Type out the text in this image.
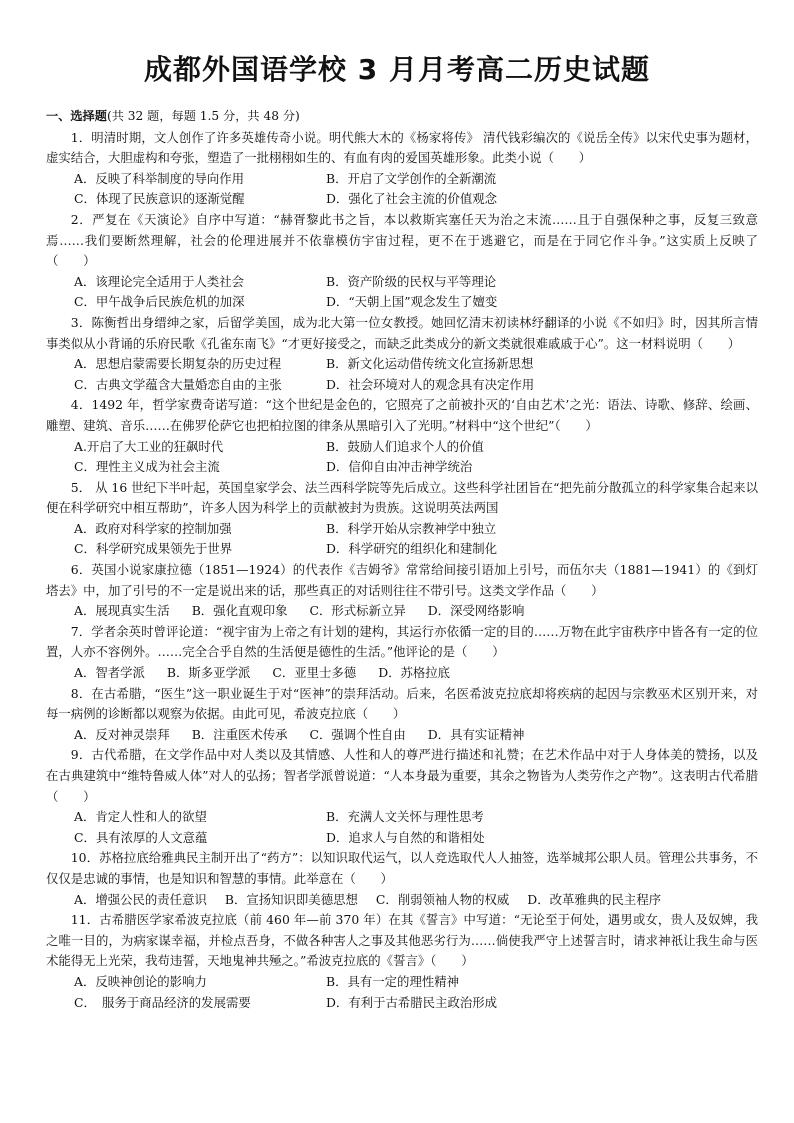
成都外国语学校 3 月月考高二历史试题
一、选择题(共 32 题，每题 1.5 分，共 48 分)

1．明清时期，文人创作了许多英雄传奇小说。明代熊大木的《杨家将传》 清代钱彩编次的《说岳全传》以宋代史事为题材，虚实结合，大胆虚构和夸张，塑造了一批栩栩如生的、有血有肉的爱国英雄形象。此类小说（　　）

A．反映了科举制度的导向作用	B．开启了文学创作的全新潮流
C．体现了民族意识的逐渐觉醒	D．强化了社会主流的价值观念

2．严复在《天演论》自序中写道：“赫胥黎此书之旨，本以救斯宾塞任天为治之末流……且于自强保种之事，反复三致意焉……我们要断然理解，社会的伦理进展并不依靠模仿宇宙过程，更不在于逃避它，而是在于同它作斗争。”这实质上反映了（　　）

A．该理论完全适用于人类社会	B．资产阶级的民权与平等理论
C．甲午战争后民族危机的加深	D．“天朝上国”观念发生了嬗变

3．陈衡哲出身缙绅之家，后留学美国，成为北大第一位女教授。她回忆清末初读林纾翻译的小说《不如归》时，因其所言情事类似从小背诵的乐府民歌《孔雀东南飞》“才更好接受之，而缺乏此类成分的新文类就很难戚戚于心”。这一材料说明（　　）

A．思想启蒙需要长期复杂的历史过程	B．新文化运动借传统文化宣扬新思想
C．古典文学蕴含大量婚恋自由的主张	D．社会环境对人的观念具有决定作用

4．1492 年，哲学家费奇诺写道：“这个世纪是金色的，它照亮了之前被扑灭的‘自由艺术’之光：语法、诗歌、修辞、绘画、雕塑、建筑、音乐……在佛罗伦萨它也把柏拉图的律条从黑暗引入了光明。”材料中“这个世纪”（　　）

A.开启了大工业的狂飙时代	B．鼓励人们追求个人的价值
C．理性主义成为社会主流	D．信仰自由冲击神学统治

5． 从 16 世纪下半叶起，英国皇家学会、法兰西科学院等先后成立。这些科学社团旨在“把先前分散孤立的科学家集合起来以便在科学研究中相互帮助”，许多人因为科学上的贡献被封为贵族。这说明英法两国

A．政府对科学家的控制加强	B．科学开始从宗教神学中独立
C．科学研究成果领先于世界	D．科学研究的组织化和建制化

6．英国小说家康拉德（1851—1924）的代表作《吉姆爷》常常给间接引语加上引号，而伍尔夫（1881—1941）的《到灯塔去》中，加了引号的不一定是说出来的话，那些真正的对话则往往不带引号。这类文学作品（　　）

A．展现真实生活 B．强化直观印象 C．形式标新立异 D．深受网络影响

7．学者余英时曾评论道：“视宇宙为上帝之有计划的建构，其运行亦依循一定的目的……万物在此宇宙秩序中皆各有一定的位置，人亦不容例外。……完全合乎自然的生活便是德性的生活。”他评论的是（　　）

A．智者学派 B．斯多亚学派 C．亚里士多德 D．苏格拉底

8．在古希腊，“医生”这一职业诞生于对“医神”的崇拜活动。后来，名医希波克拉底却将疾病的起因与宗教巫术区别开来，对每一病例的诊断都以观察为依据。由此可见，希波克拉底（　　）

A．反对神灵崇拜 B．注重医术传承 C．强调个性自由 D．具有实证精神

9．古代希腊，在文学作品中对人类以及其情感、人性和人的尊严进行描述和礼赞；在艺术作品中对于人身体美的赞扬，以及在古典建筑中“维特鲁威人体”对人的弘扬；智者学派曾说道：“人本身最为重要，其余之物皆为人类劳作之产物”。这表明古代希腊（　　）

A．肯定人性和人的欲望	B．充满人文关怀与理性思考
C．具有浓厚的人文意蕴	D．追求人与自然的和谐相处

10．苏格拉底给雅典民主制开出了“药方”：以知识取代运气，以人竞选取代人人抽签，选举城邦公职人员。管理公共事务，不仅仅是忠诚的事情，也是知识和智慧的事情。此举意在（　　）

A．增强公民的责任意识 B．宣扬知识即美德思想 C．削弱领袖人物的权威 D．改革雅典的民主程序

11．古希腊医学家希波克拉底（前 460 年—前 370 年）在其《誓言》中写道：“无论至于何处，遇男或女，贵人及奴婢，我之唯一目的，为病家谋幸福，并检点吾身，不做各种害人之事及其他恶劣行为……倘使我严守上述誓言时，请求神祇让我生命与医术能得无上光荣，我苟违誓，天地鬼神共殛之。”希波克拉底的《誓言》（　　）

A．反映神创论的影响力	B．具有一定的理性精神
C．　服务于商品经济的发展需要	D．有利于古希腊民主政治形成
